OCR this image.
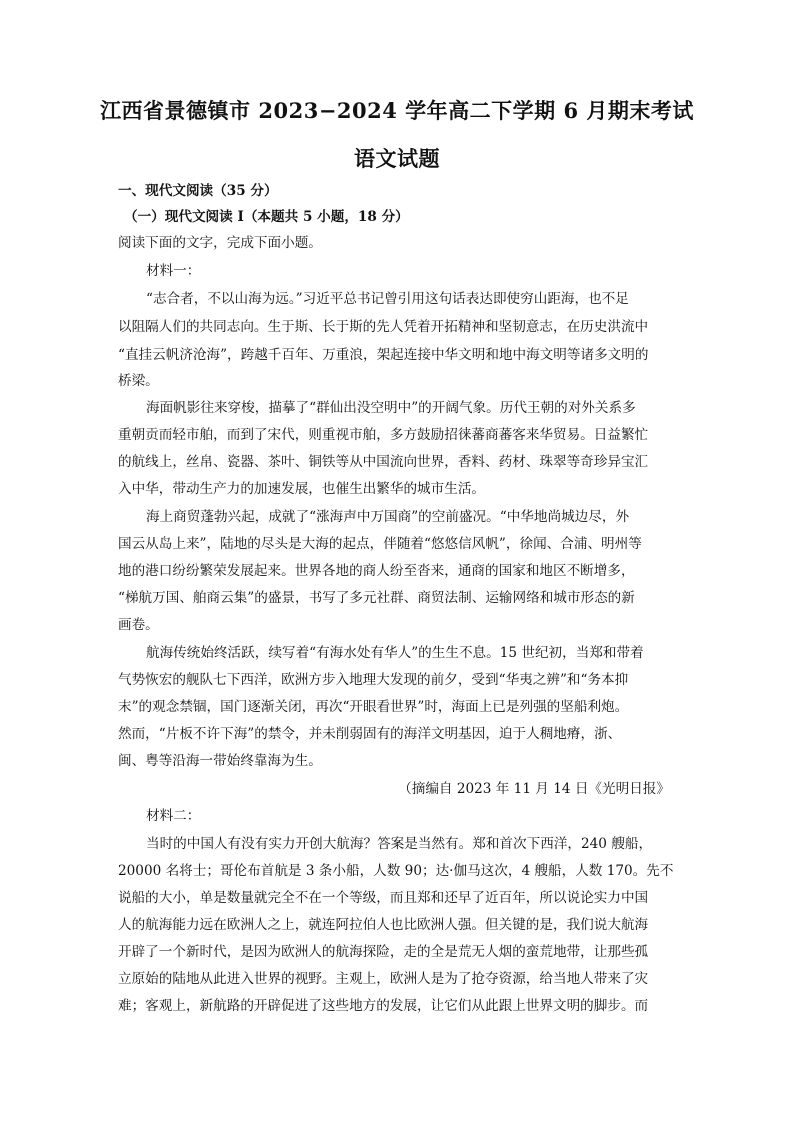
江西省景德镇市 2023−2024 学年高二下学期 6 月期末考试
语文试题
一、现代文阅读（35 分）
（一）现代文阅读 I（本题共 5 小题，18 分）
阅读下面的文字，完成下面小题。
材料一：
“志合者，不以山海为远。”习近平总书记曾引用这句话表达即使穷山距海，也不足
以阻隔人们的共同志向。生于斯、长于斯的先人凭着开拓精神和坚韧意志，在历史洪流中
“直挂云帆济沧海”，跨越千百年、万重浪，架起连接中华文明和地中海文明等诸多文明的
桥梁。
海面帆影往来穿梭，描摹了“群仙出没空明中”的开阔气象。历代王朝的对外关系多
重朝贡而轻市舶，而到了宋代，则重视市舶，多方鼓励招徕蕃商蕃客来华贸易。日益繁忙
的航线上，丝帛、瓷器、茶叶、铜铁等从中国流向世界，香料、药材、珠翠等奇珍异宝汇
入中华，带动生产力的加速发展，也催生出繁华的城市生活。
海上商贸蓬勃兴起，成就了“涨海声中万国商”的空前盛况。“中华地尚城边尽，外
国云从岛上来”，陆地的尽头是大海的起点，伴随着“悠悠信风帆”，徐闻、合浦、明州等
地的港口纷纷繁荣发展起来。世界各地的商人纷至沓来，通商的国家和地区不断增多，
“梯航万国、舶商云集”的盛景，书写了多元社群、商贸法制、运输网络和城市形态的新
画卷。
航海传统始终活跃，续写着“有海水处有华人”的生生不息。15 世纪初，当郑和带着
气势恢宏的舰队七下西洋，欧洲方步入地理大发现的前夕，受到“华夷之辨”和“务本抑
末”的观念禁锢，国门逐渐关闭，再次“开眼看世界”时，海面上已是列强的坚船利炮。
然而，“片板不许下海”的禁令，并未削弱固有的海洋文明基因，迫于人稠地瘠，浙、
闽、粤等沿海一带始终靠海为生。
（摘编自 2023 年 11 月 14 日《光明日报》
材料二：
当时的中国人有没有实力开创大航海？答案是当然有。郑和首次下西洋，240 艘船，
20000 名将士；哥伦布首航是 3 条小船，人数 90；达·伽马这次，4 艘船，人数 170。先不
说船的大小，单是数量就完全不在一个等级，而且郑和还早了近百年，所以说论实力中国
人的航海能力远在欧洲人之上，就连阿拉伯人也比欧洲人强。但关键的是，我们说大航海
开辟了一个新时代，是因为欧洲人的航海探险，走的全是荒无人烟的蛮荒地带，让那些孤
立原始的陆地从此进入世界的视野。主观上，欧洲人是为了抢夺资源，给当地人带来了灾
难；客观上，新航路的开辟促进了这些地方的发展，让它们从此跟上世界文明的脚步。而
